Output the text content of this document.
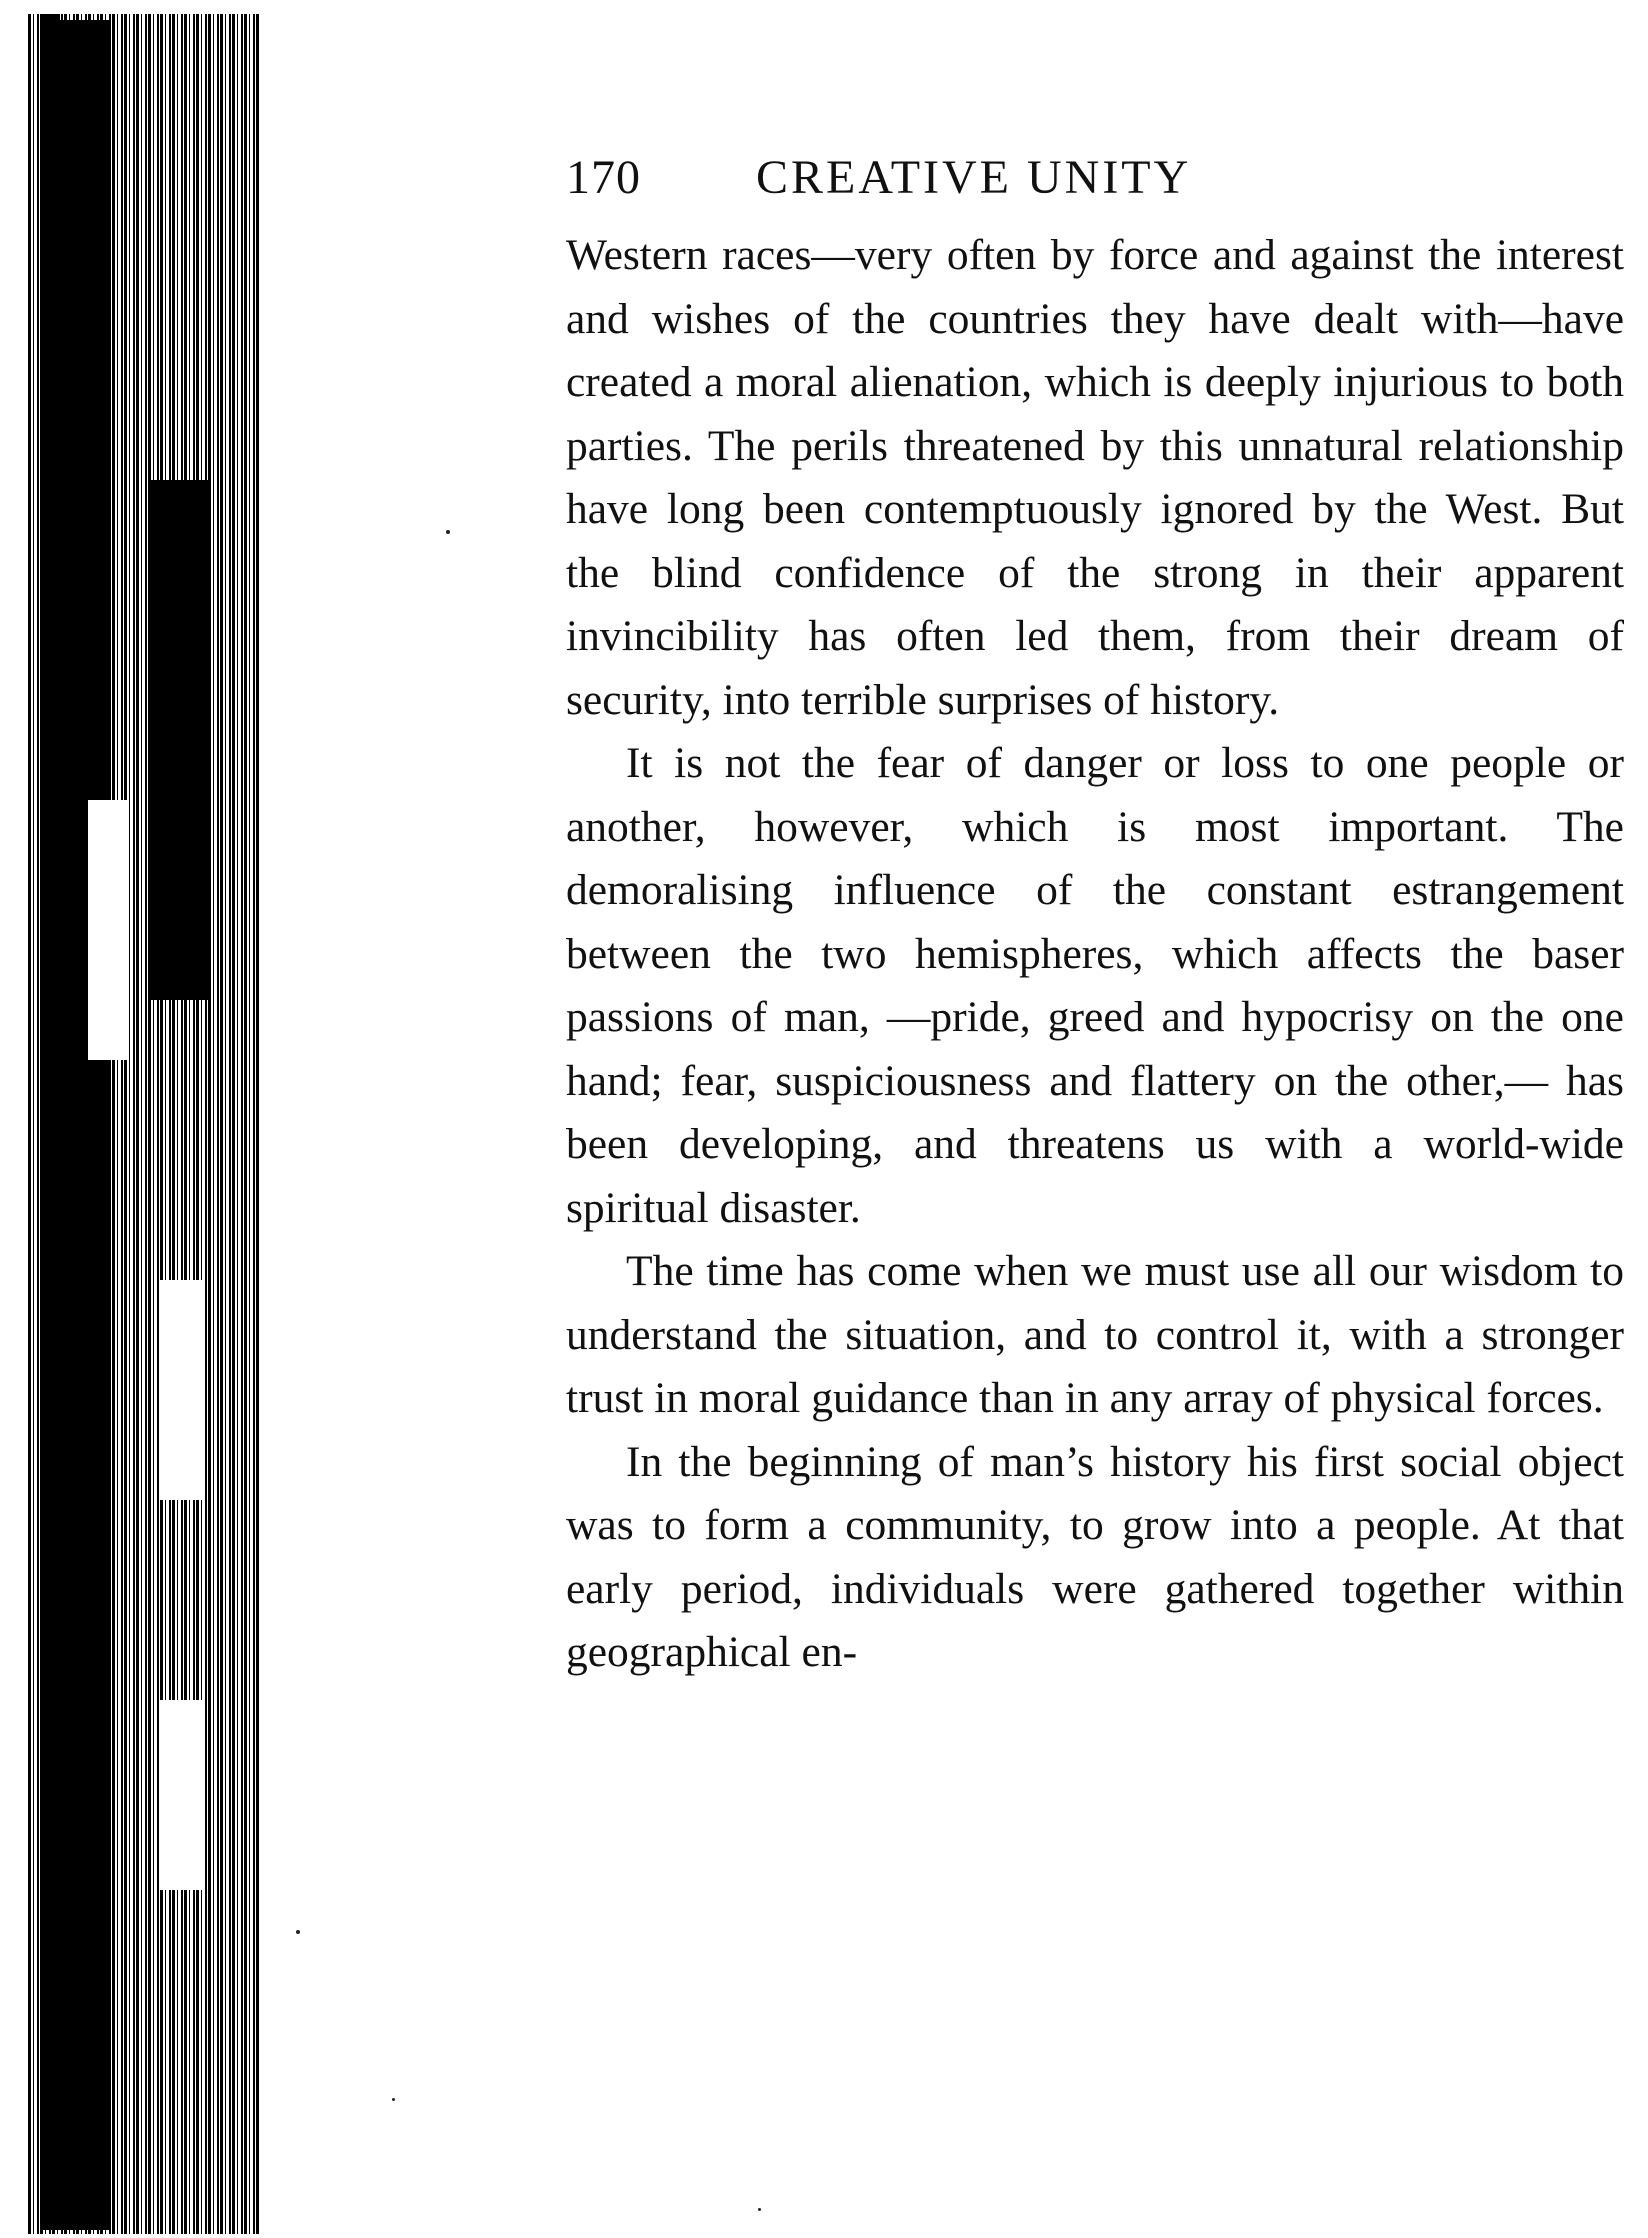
170	CREATIVE UNITY

Western races—very often by force and against the interest and wishes of the countries they have dealt with—have created a moral alienation, which is deeply injurious to both parties. The perils threatened by this unnatural relationship have long been contemptuously ignored by the West. But the blind confidence of the strong in their apparent invincibility has often led them, from their dream of security, into terrible surprises of history.

It is not the fear of danger or loss to one people or another, however, which is most important. The demoralising influence of the constant estrangement between the two hemispheres, which affects the baser passions of man, —pride, greed and hypocrisy on the one hand; fear, suspiciousness and flattery on the other,— has been developing, and threatens us with a world-wide spiritual disaster.

The time has come when we must use all our wisdom to understand the situation, and to control it, with a stronger trust in moral guidance than in any array of physical forces.

In the beginning of man’s history his first social object was to form a community, to grow into a people. At that early period, individuals were gathered together within geographical en-
